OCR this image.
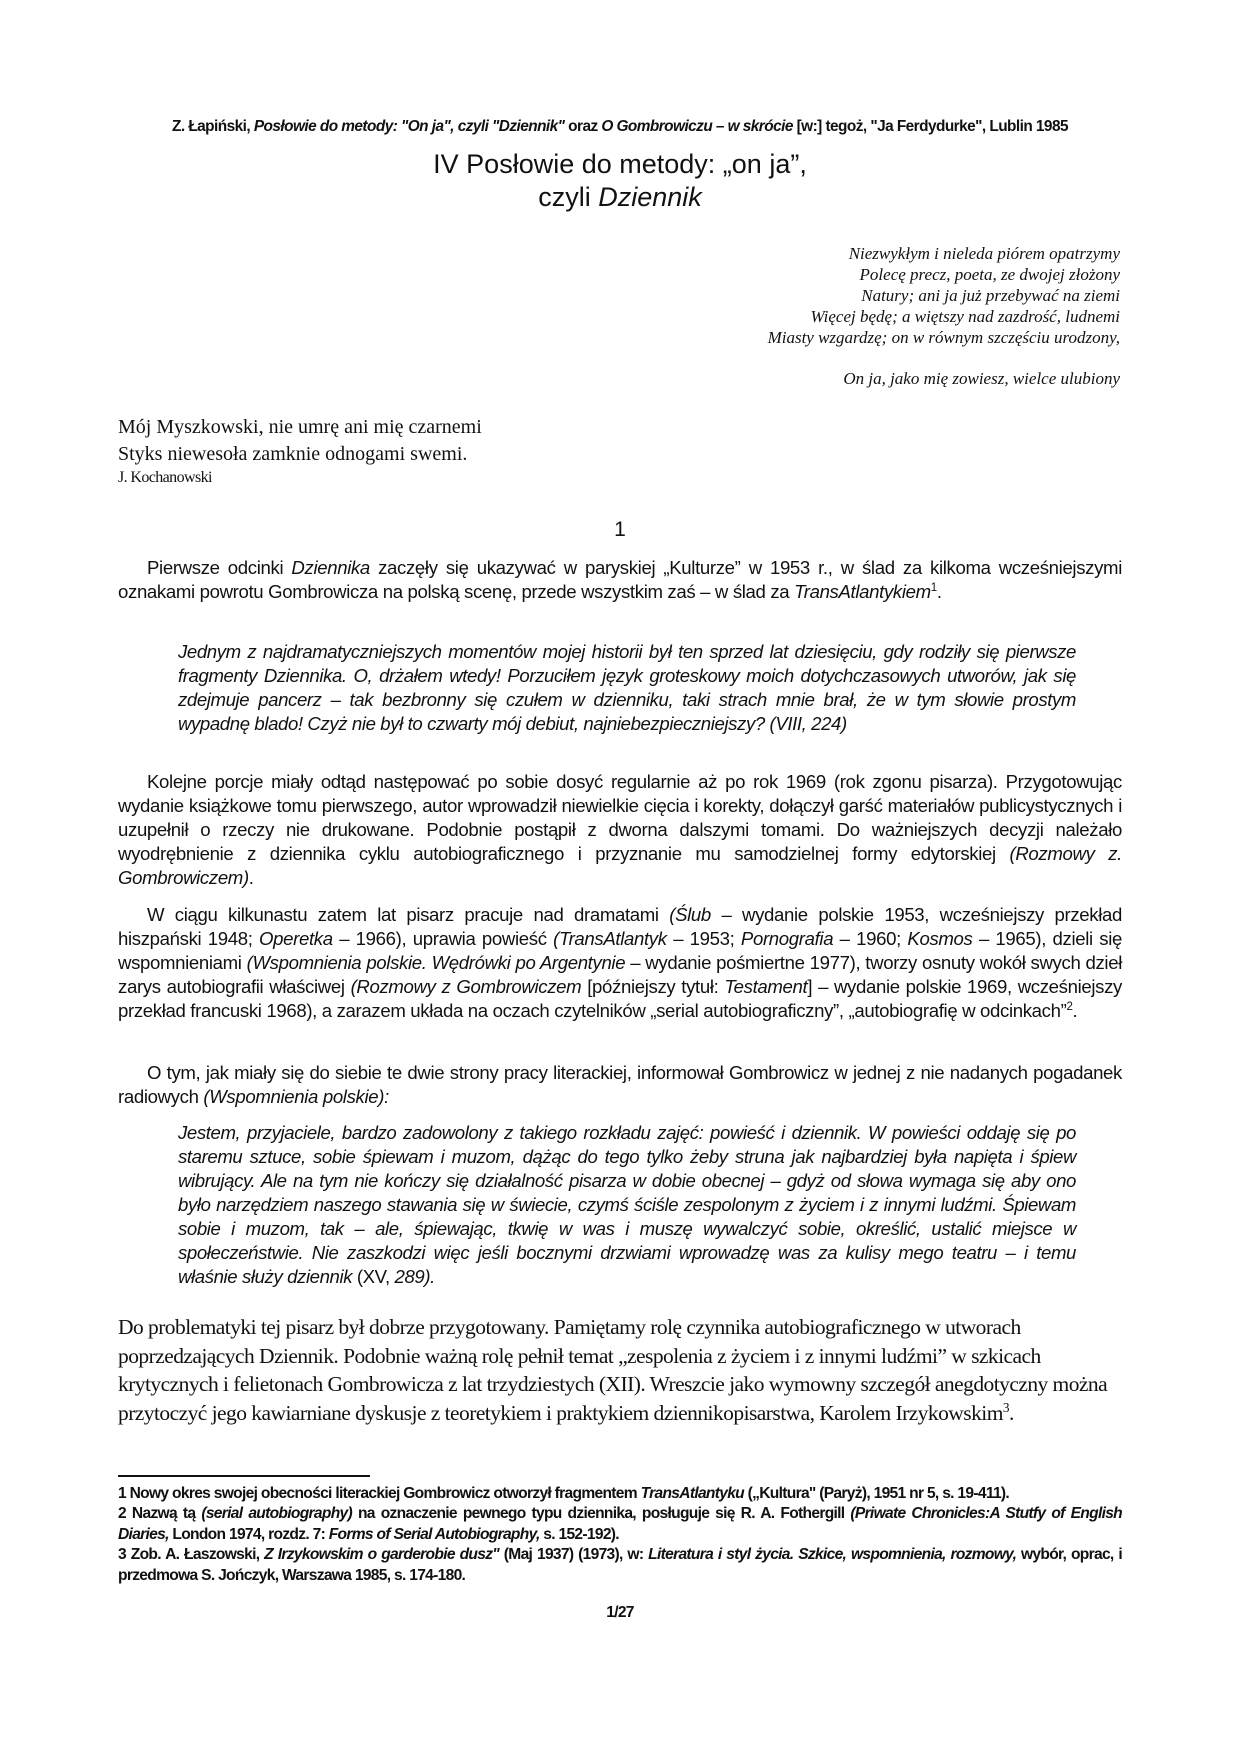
Z. Łapiński, Posłowie do metody: "On ja", czyli "Dziennik" oraz O Gombrowiczu – w skrócie [w:] tegoż, "Ja Ferdydurke", Lublin 1985
IV Posłowie do metody: „on ja”,
czyli Dziennik
Niezwykłym i nieleda piórem opatrzymy
Polecę precz, poeta, ze dwojej złożony
Natury; ani ja już przebywać na ziemi
Więcej będę; a więtszy nad zazdrość, ludnemi
Miasty wzgardzę; on w równym szczęściu urodzony,
On ja, jako mię zowiesz, wielce ulubiony
Mój Myszkowski, nie umrę ani mię czarnemi
Styks niewesoła zamknie odnogami swemi.
J. Kochanowski
1
Pierwsze odcinki Dziennika zaczęły się ukazywać w paryskiej „Kulturze” w 1953 r., w ślad za kilkoma wcześniejszymi oznakami powrotu Gombrowicza na polską scenę, przede wszystkim zaś – w ślad za TransAtlantykiem$^1$.
Jednym z najdramatyczniejszych momentów mojej historii był ten sprzed lat dziesięciu, gdy rodziły się pierwsze fragmenty Dziennika. O, drżałem wtedy! Porzuciłem język groteskowy moich dotychczasowych utworów, jak się zdejmuje pancerz – tak bezbronny się czułem w dzienniku, taki strach mnie brał, że w tym słowie prostym wypadnę blado! Czyż nie był to czwarty mój debiut, najniebezpieczniejszy? (VIII, 224)
Kolejne porcje miały odtąd następować po sobie dosyć regularnie aż po rok 1969 (rok zgonu pisarza). Przygotowując wydanie książkowe tomu pierwszego, autor wprowadził niewielkie cięcia i korekty, dołączył garść materiałów publicystycznych i uzupełnił o rzeczy nie drukowane. Podobnie postąpił z dworna dalszymi tomami. Do ważniejszych decyzji należało wyodrębnienie z dziennika cyklu autobiograficznego i przyznanie mu samodzielnej formy edytorskiej (Rozmowy z. Gombrowiczem).
W ciągu kilkunastu zatem lat pisarz pracuje nad dramatami (Ślub – wydanie polskie 1953, wcześniejszy przekład hiszpański 1948; Operetka – 1966), uprawia powieść (TransAtlantyk – 1953; Pornografia – 1960; Kosmos – 1965), dzieli się wspomnieniami (Wspomnienia polskie. Wędrówki po Argentynie – wydanie pośmiertne 1977), tworzy osnuty wokół swych dzieł zarys autobiografii właściwej (Rozmowy z Gombrowiczem [późniejszy tytuł: Testament] – wydanie polskie 1969, wcześniejszy przekład francuski 1968), a zarazem układa na oczach czytelników „serial autobiograficzny”, „autobiografię w odcinkach”$^2$.
O tym, jak miały się do siebie te dwie strony pracy literackiej, informował Gombrowicz w jednej z nie nadanych pogadanek radiowych (Wspomnienia polskie):
Jestem, przyjaciele, bardzo zadowolony z takiego rozkładu zajęć: powieść i dziennik. W powieści oddaję się po staremu sztuce, sobie śpiewam i muzom, dążąc do tego tylko żeby struna jak najbardziej była napięta i śpiew wibrujący. Ale na tym nie kończy się działalność pisarza w dobie obecnej – gdyż od słowa wymaga się aby ono było narzędziem naszego stawania się w świecie, czymś ściśle zespolonym z życiem i z innymi ludźmi. Śpiewam sobie i muzom, tak – ale, śpiewając, tkwię w was i muszę wywalczyć sobie, określić, ustalić miejsce w społeczeństwie. Nie zaszkodzi więc jeśli bocznymi drzwiami wprowadzę was za kulisy mego teatru – i temu właśnie służy dziennik (XV, 289).
Do problematyki tej pisarz był dobrze przygotowany. Pamiętamy rolę czynnika autobiograficznego w utworach poprzedzających Dziennik. Podobnie ważną rolę pełnił temat „zespolenia z życiem i z innymi ludźmi” w szkicach krytycznych i felietonach Gombrowicza z lat trzydziestych (XII). Wreszcie jako wymowny szczegół anegdotyczny można przytoczyć jego kawiarniane dyskusje z teoretykiem i praktykiem dziennikopisarstwa, Karolem Irzykowskim$^3$.
1 Nowy okres swojej obecności literackiej Gombrowicz otworzył fragmentem TransAtlantyku („Kultura" (Paryż), 1951 nr 5, s. 19-411).
2 Nazwą tą (serial autobiography) na oznaczenie pewnego typu dziennika, posługuje się R. A. Fothergill (Priwate Chronicles:A Stutfy of English Diaries, London 1974, rozdz. 7: Forms of Serial Autobiography, s. 152-192).
3 Zob. A. Łaszowski, Z Irzykowskim o garderobie dusz" (Maj 1937) (1973), w: Literatura i styl życia. Szkice, wspomnienia, rozmowy, wybór, oprac, i przedmowa S. Jończyk, Warszawa 1985, s. 174-180.
1/27
